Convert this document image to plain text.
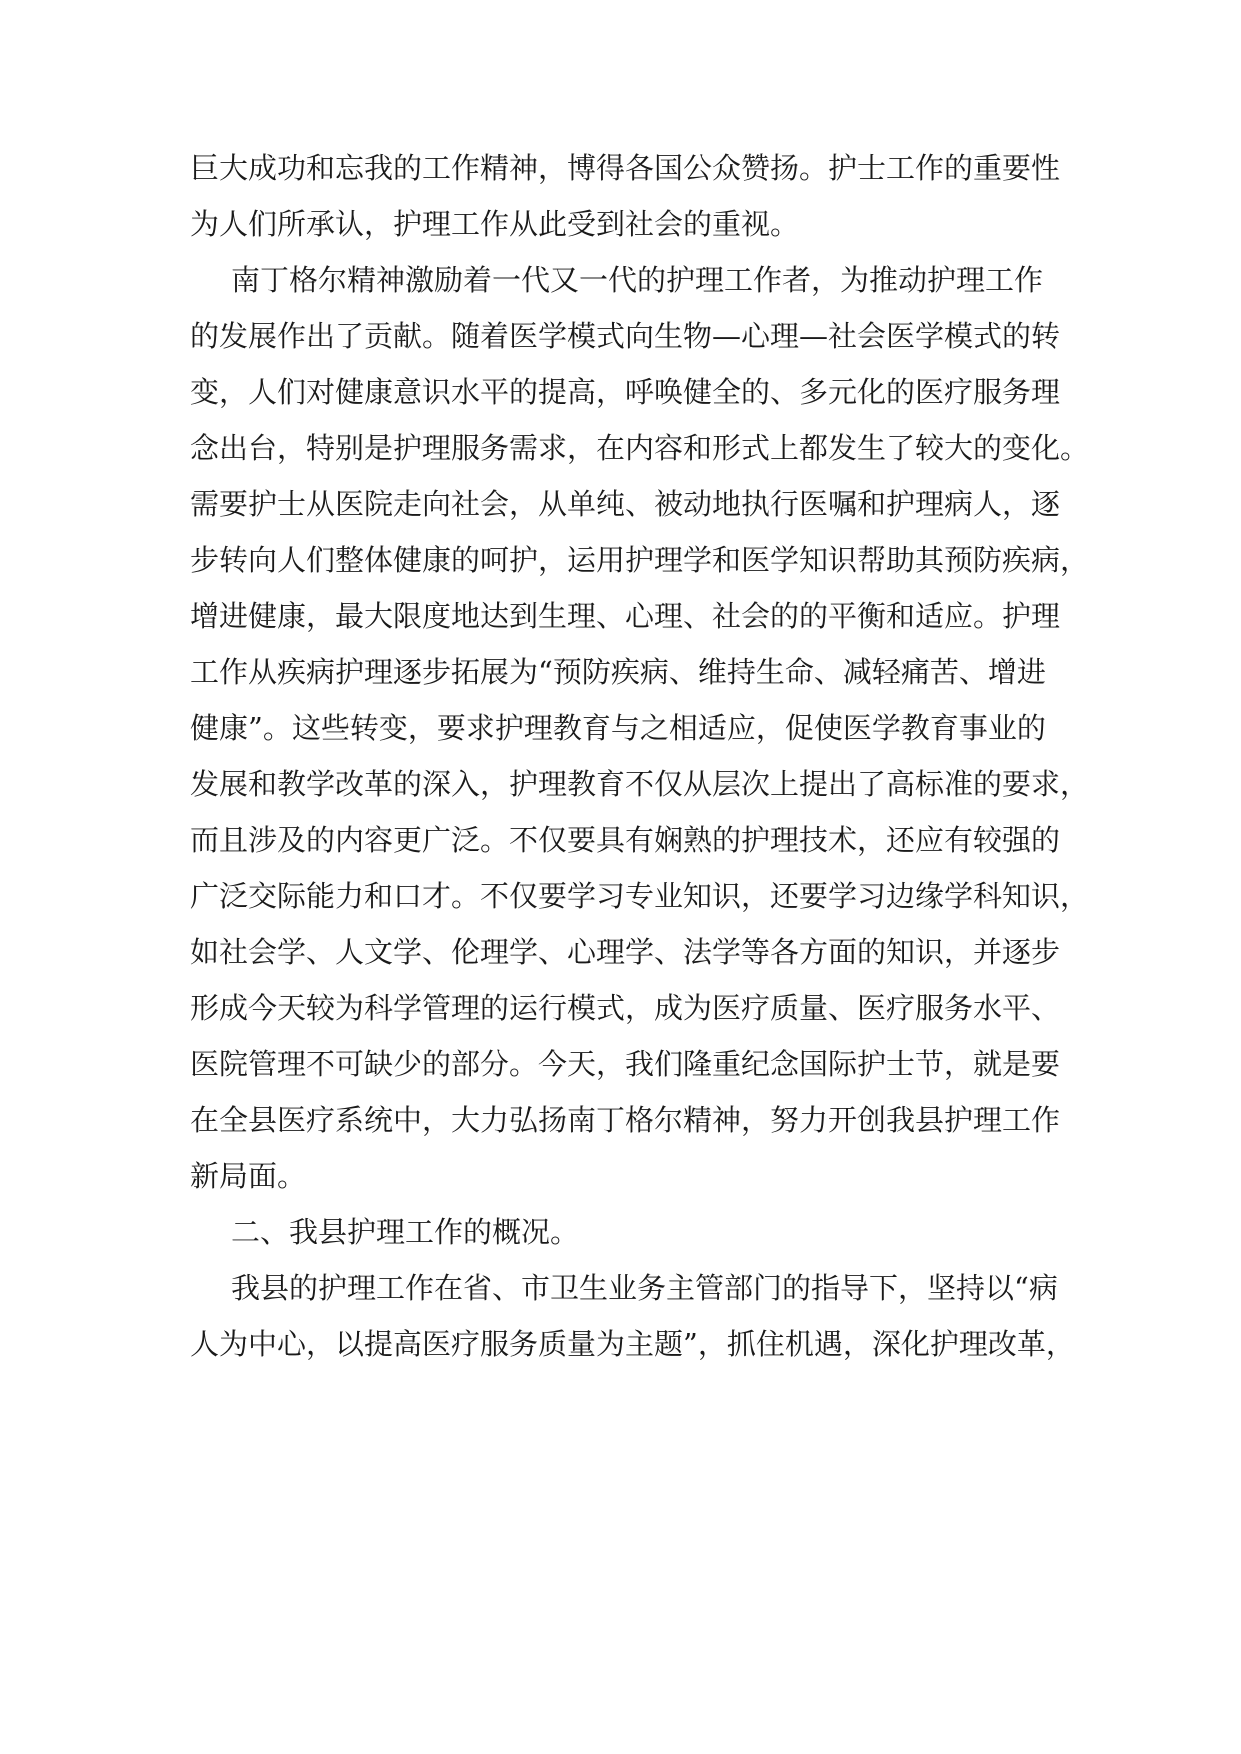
巨大成功和忘我的工作精神，博得各国公众赞扬。护士工作的重要性

为人们所承认，护理工作从此受到社会的重视。

南丁格尔精神激励着一代又一代的护理工作者，为推动护理工作

的发展作出了贡献。随着医学模式向生物—心理—社会医学模式的转

变，人们对健康意识水平的提高，呼唤健全的、多元化的医疗服务理

念出台，特别是护理服务需求，在内容和形式上都发生了较大的变化。

需要护士从医院走向社会，从单纯、被动地执行医嘱和护理病人，逐

步转向人们整体健康的呵护，运用护理学和医学知识帮助其预防疾病，

增进健康，最大限度地达到生理、心理、社会的的平衡和适应。护理

工作从疾病护理逐步拓展为“预防疾病、维持生命、减轻痛苦、增进

健康”。这些转变，要求护理教育与之相适应，促使医学教育事业的

发展和教学改革的深入，护理教育不仅从层次上提出了高标准的要求，

而且涉及的内容更广泛。不仅要具有娴熟的护理技术，还应有较强的

广泛交际能力和口才。不仅要学习专业知识，还要学习边缘学科知识，

如社会学、人文学、伦理学、心理学、法学等各方面的知识，并逐步

形成今天较为科学管理的运行模式，成为医疗质量、医疗服务水平、

医院管理不可缺少的部分。今天，我们隆重纪念国际护士节，就是要

在全县医疗系统中，大力弘扬南丁格尔精神，努力开创我县护理工作

新局面。

二、我县护理工作的概况。

我县的护理工作在省、市卫生业务主管部门的指导下，坚持以“病

人为中心，以提高医疗服务质量为主题”，抓住机遇，深化护理改革，
